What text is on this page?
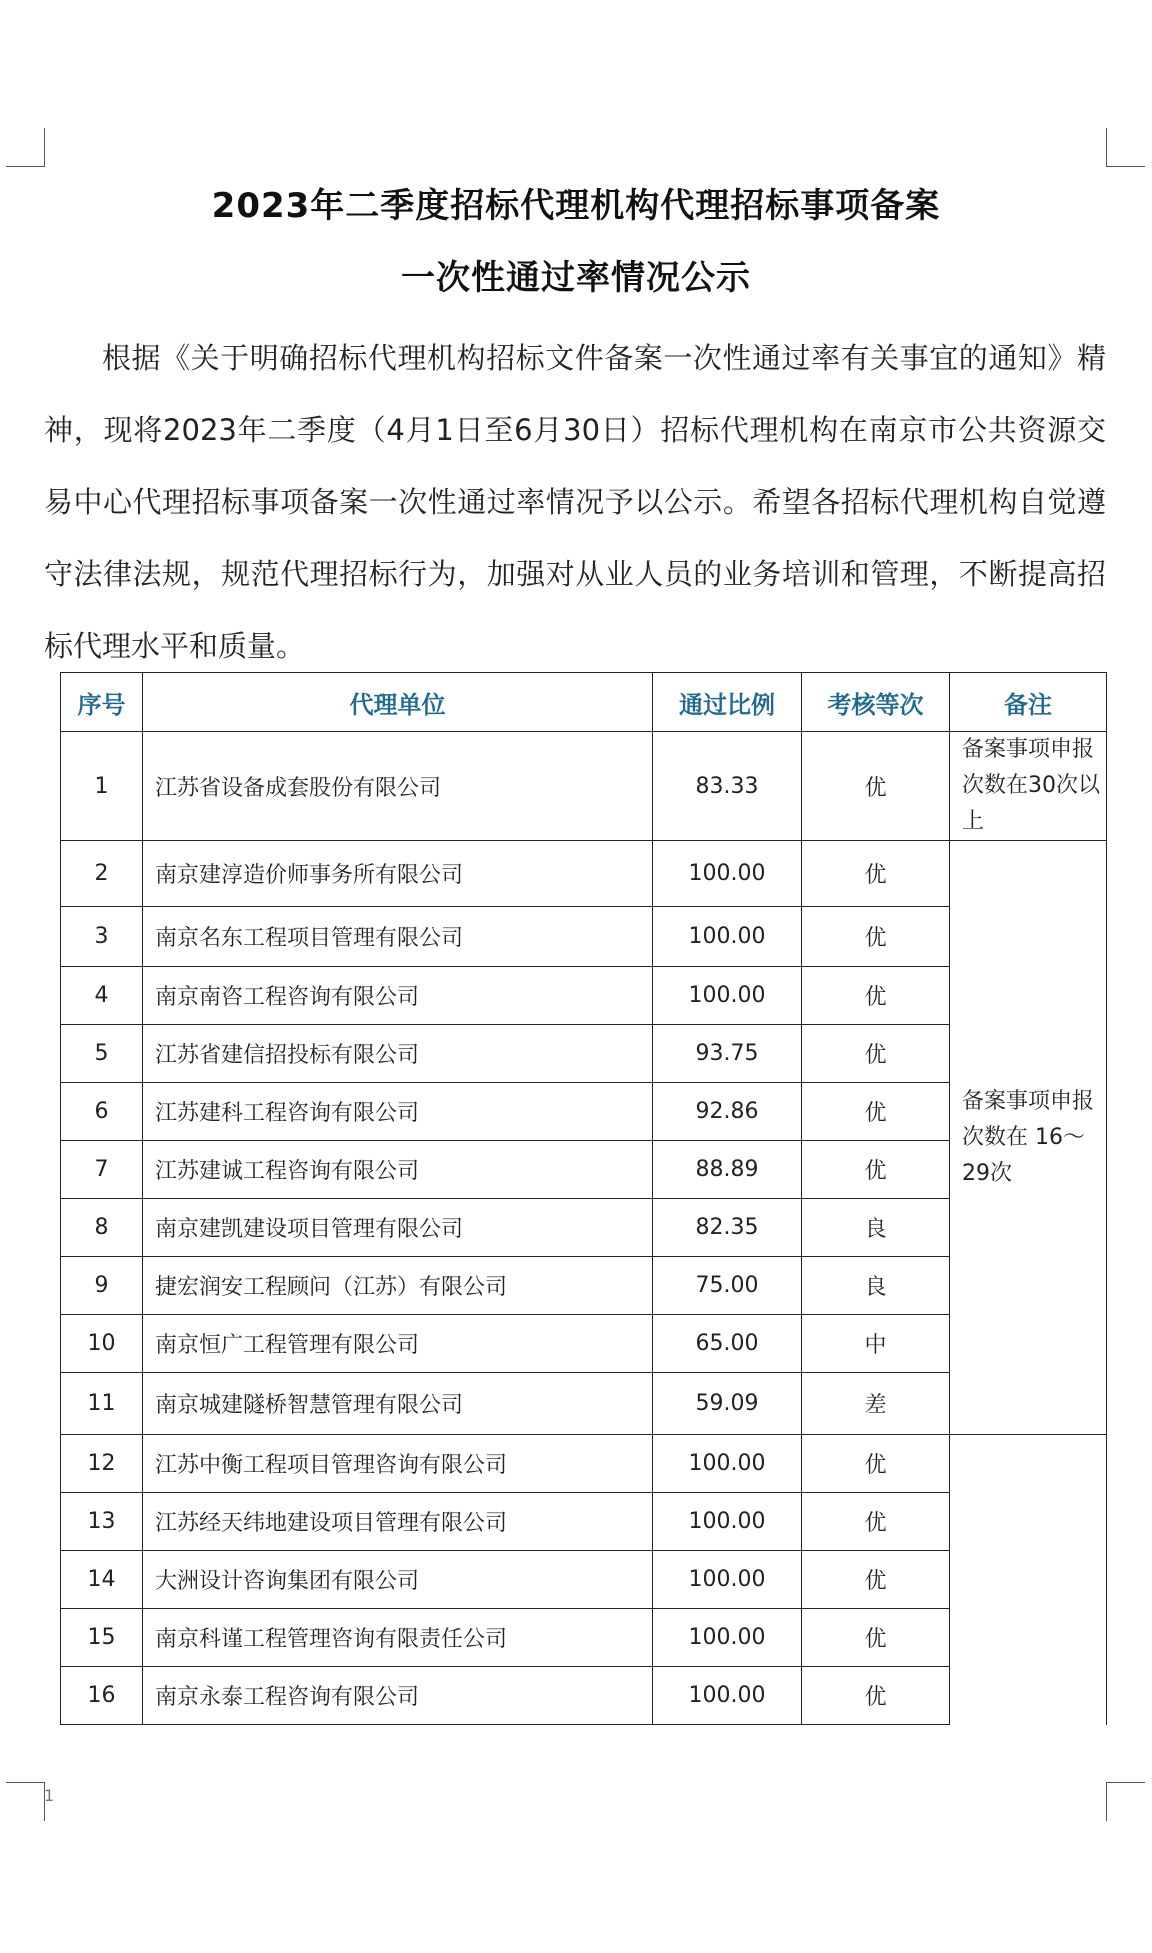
1
2023年二季度招标代理机构代理招标事项备案
一次性通过率情况公示

根据《关于明确招标代理机构招标文件备案一次性通过率有关事宜的通知》精神，现将2023年二季度（4月1日至6月30日）招标代理机构在南京市公共资源交易中心代理招标事项备案一次性通过率情况予以公示。希望各招标代理机构自觉遵守法律法规，规范代理招标行为，加强对从业人员的业务培训和管理，不断提高招标代理水平和质量。

序号	代理单位	通过比例	考核等次	备注
1	江苏省设备成套股份有限公司	83.33	优	备案事项申报次数在30次以上
2	南京建淳造价师事务所有限公司	100.00	优	备案事项申报次数在 16～29次
3	南京名东工程项目管理有限公司	100.00	优	
4	南京南咨工程咨询有限公司	100.00	优	
5	江苏省建信招投标有限公司	93.75	优	
6	江苏建科工程咨询有限公司	92.86	优	
7	江苏建诚工程咨询有限公司	88.89	优	
8	南京建凯建设项目管理有限公司	82.35	良	
9	捷宏润安工程顾问（江苏）有限公司	75.00	良	
10	南京恒广工程管理有限公司	65.00	中	
11	南京城建隧桥智慧管理有限公司	59.09	差	
12	江苏中衡工程项目管理咨询有限公司	100.00	优	
13	江苏经天纬地建设项目管理有限公司	100.00	优	
14	大洲设计咨询集团有限公司	100.00	优	
15	南京科谨工程管理咨询有限责任公司	100.00	优	
16	南京永泰工程咨询有限公司	100.00	优	
